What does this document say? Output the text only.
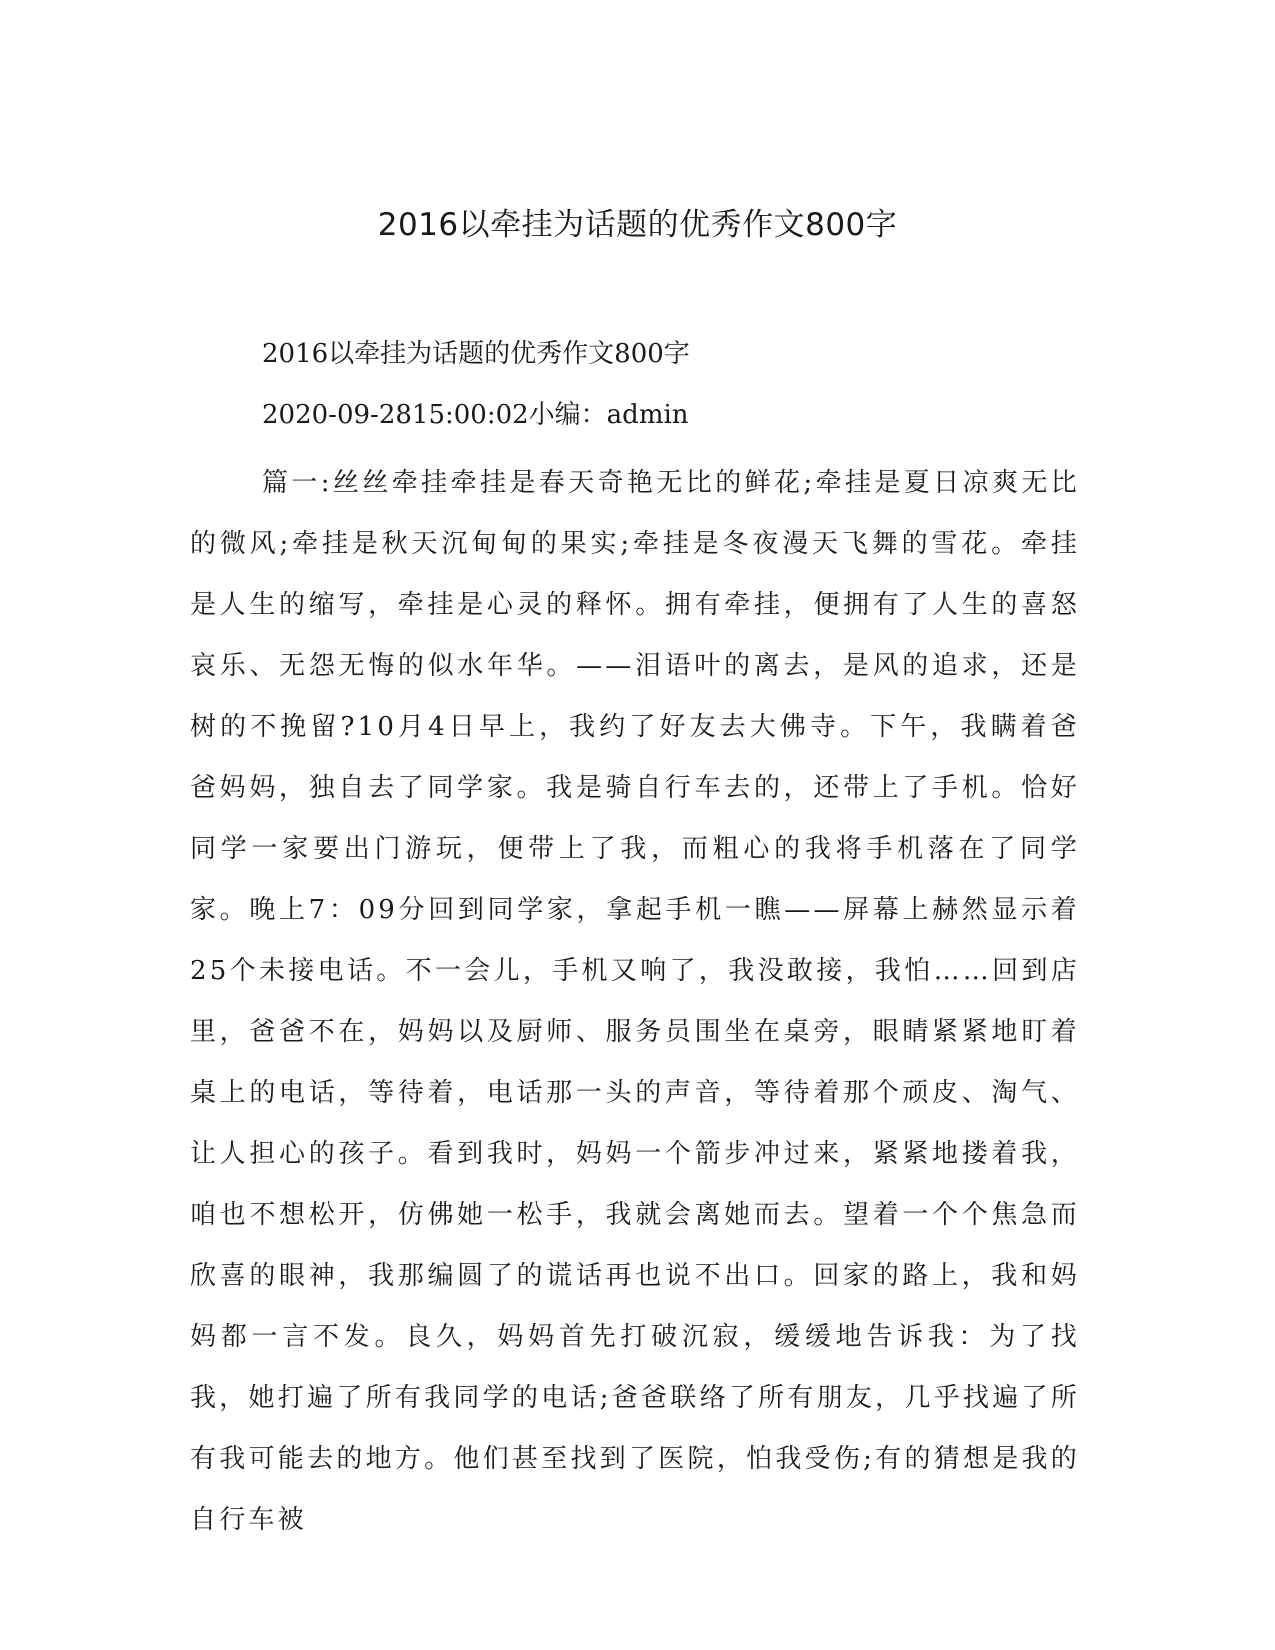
2016以牵挂为话题的优秀作文800字

2016以牵挂为话题的优秀作文800字

2020-09-2815:00:02小编：admin

篇一:丝丝牵挂牵挂是春天奇艳无比的鲜花;牵挂是夏日凉爽无比的微风;牵挂是秋天沉甸甸的果实;牵挂是冬夜漫天飞舞的雪花。牵挂是人生的缩写，牵挂是心灵的释怀。拥有牵挂，便拥有了人生的喜怒哀乐、无怨无悔的似水年华。——泪语叶的离去，是风的追求，还是树的不挽留?10月4日早上，我约了好友去大佛寺。下午，我瞒着爸爸妈妈，独自去了同学家。我是骑自行车去的，还带上了手机。恰好同学一家要出门游玩，便带上了我，而粗心的我将手机落在了同学家。晚上7：09分回到同学家，拿起手机一瞧——屏幕上赫然显示着25个未接电话。不一会儿，手机又响了，我没敢接，我怕……回到店里，爸爸不在，妈妈以及厨师、服务员围坐在桌旁，眼睛紧紧地盯着桌上的电话，等待着，电话那一头的声音，等待着那个顽皮、淘气、让人担心的孩子。看到我时，妈妈一个箭步冲过来，紧紧地搂着我，咱也不想松开，仿佛她一松手，我就会离她而去。望着一个个焦急而欣喜的眼神，我那编圆了的谎话再也说不出口。回家的路上，我和妈妈都一言不发。良久，妈妈首先打破沉寂，缓缓地告诉我：为了找我，她打遍了所有我同学的电话;爸爸联络了所有朋友，几乎找遍了所有我可能去的地方。他们甚至找到了医院，怕我受伤;有的猜想是我的自行车被
